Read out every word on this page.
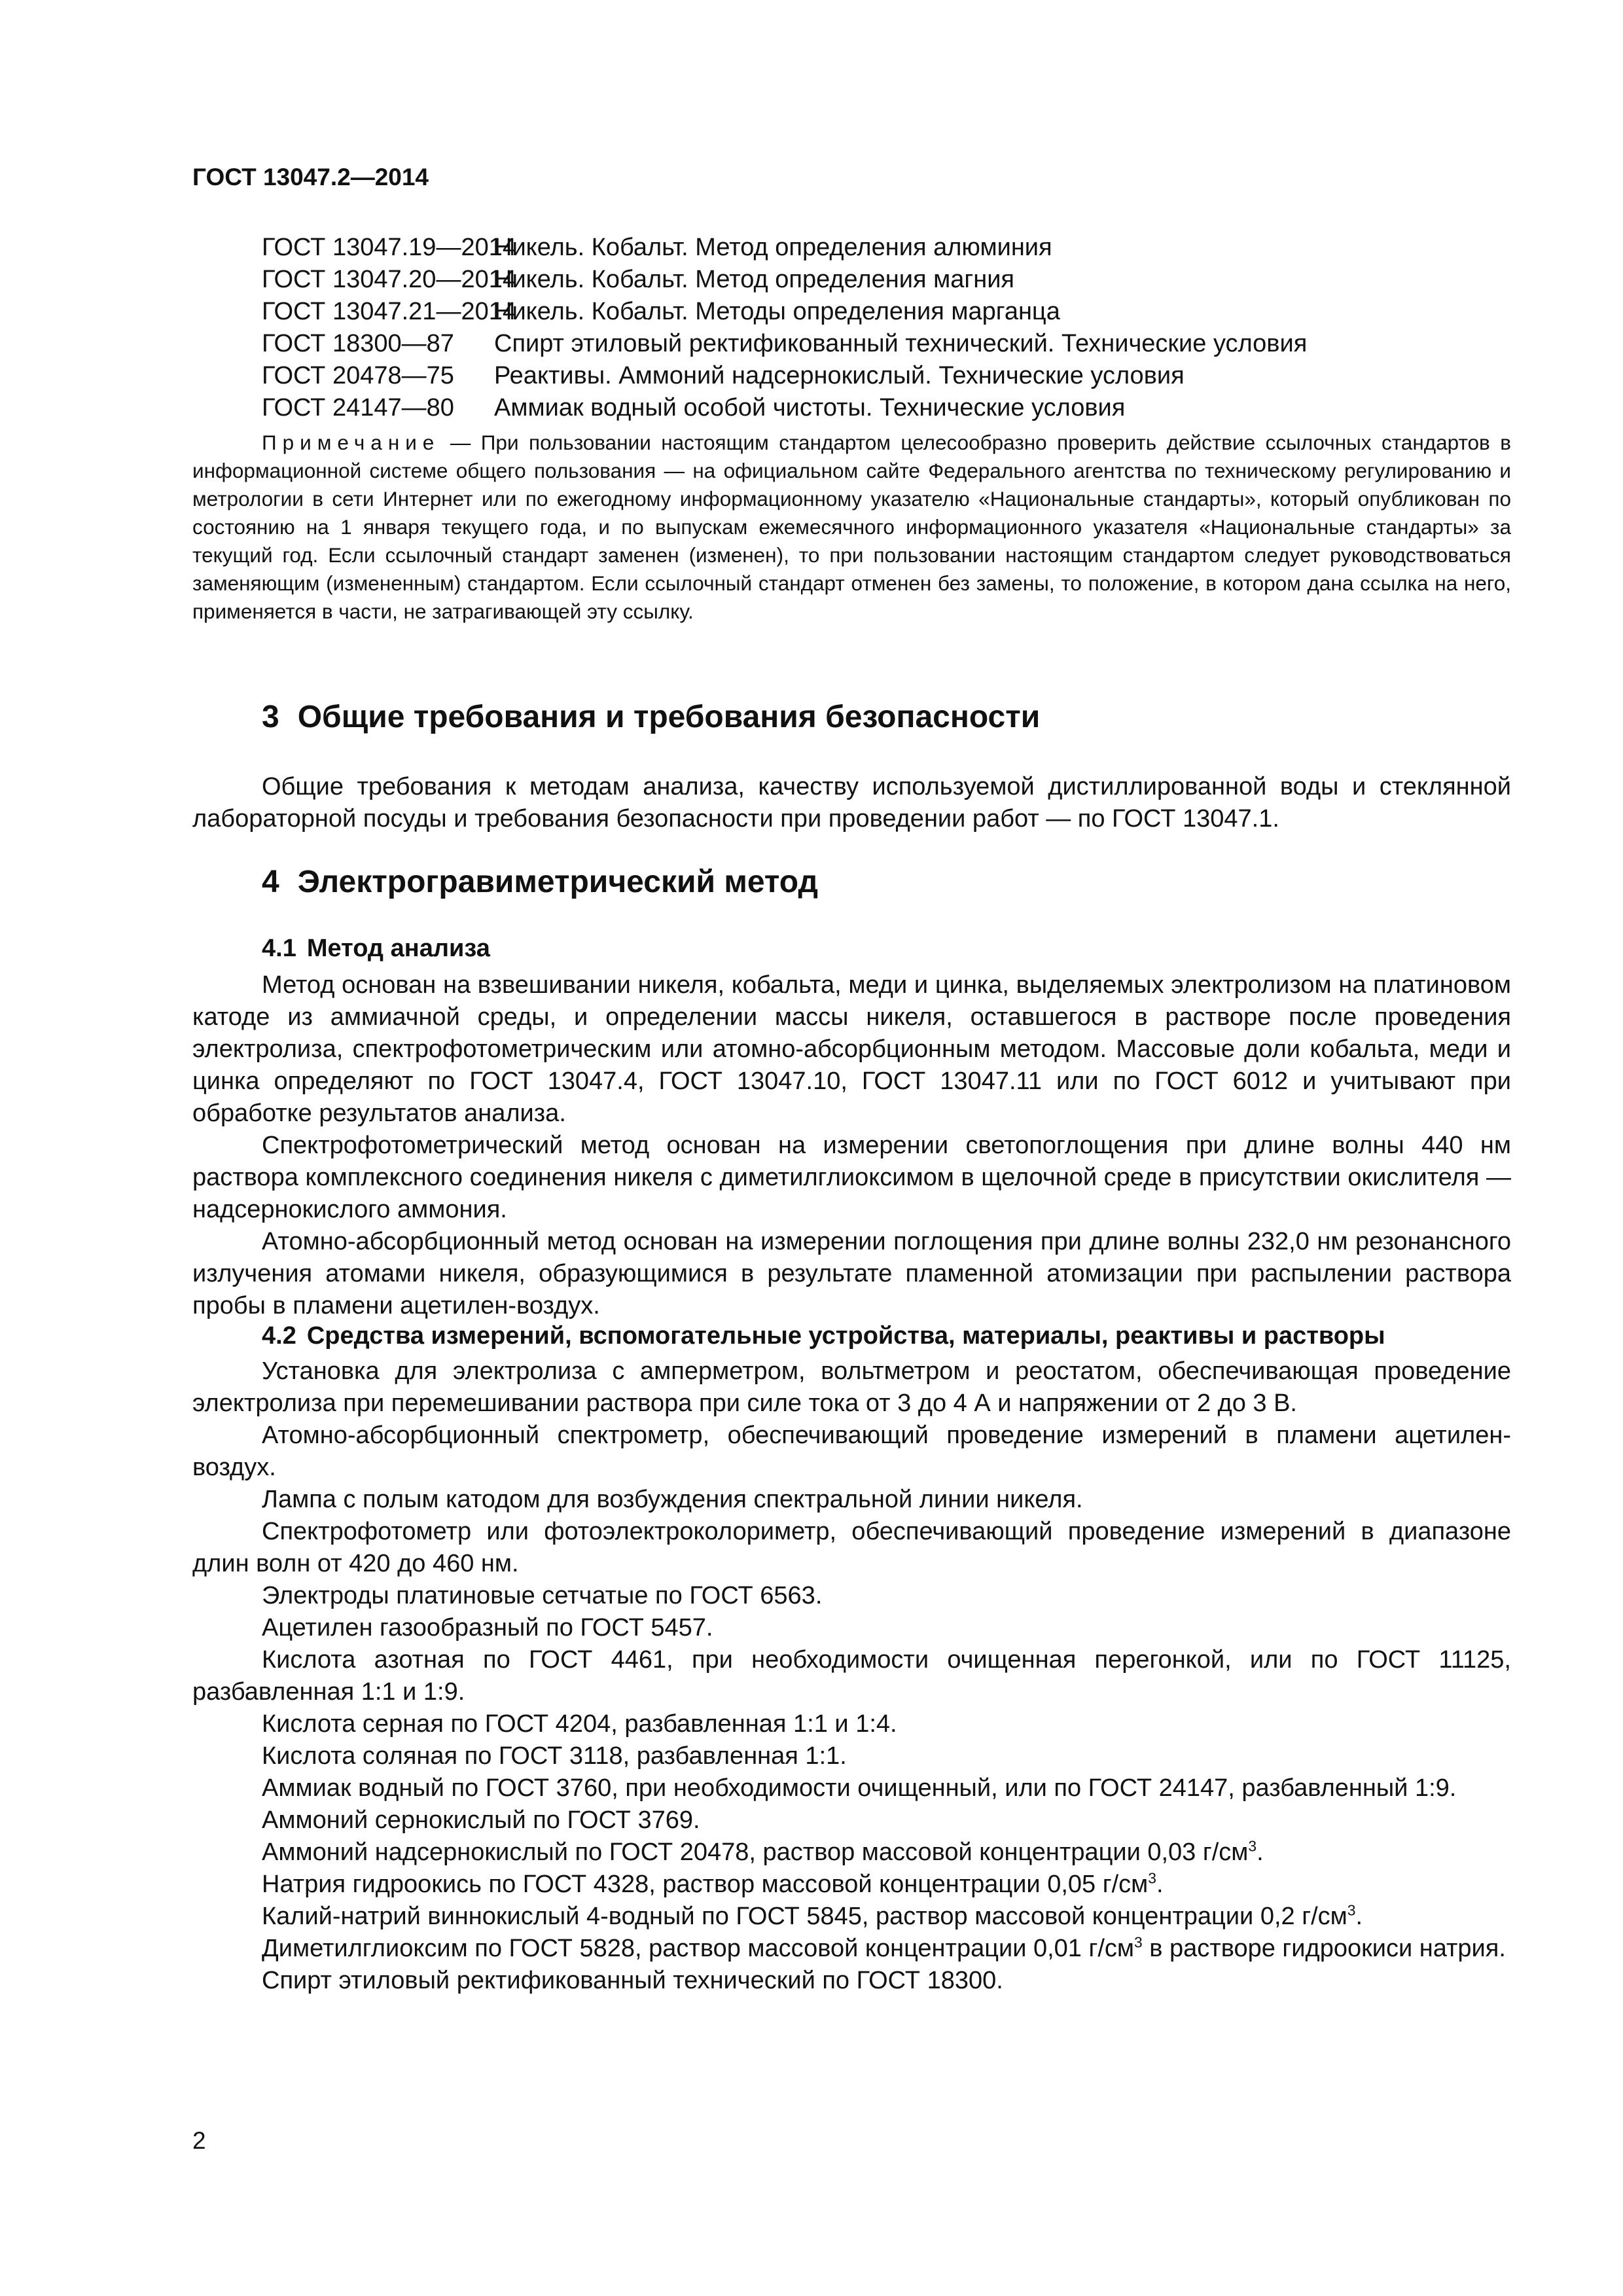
ГОСТ 13047.2—2014
ГОСТ 13047.19—2014Никель. Кобальт. Метод определения алюминия
ГОСТ 13047.20—2014Никель. Кобальт. Метод определения магния
ГОСТ 13047.21—2014Никель. Кобальт. Методы определения марганца
ГОСТ 18300—87 Спирт этиловый ректификованный технический. Технические условия
ГОСТ 20478—75 Реактивы. Аммоний надсернокислый. Технические условия
ГОСТ 24147—80 Аммиак водный особой чистоты. Технические условия
Примечание — При пользовании настоящим стандартом целесообразно проверить действие ссылочных стандартов в информационной системе общего пользования — на официальном сайте Федерального агентства по техническому регулированию и метрологии в сети Интернет или по ежегодному информационному указателю «Национальные стандарты», который опубликован по состоянию на 1 января текущего года, и по выпускам ежемесячного информационного указателя «Национальные стандарты» за текущий год. Если ссылочный стандарт заменен (изменен), то при пользовании настоящим стандартом следует руководствоваться заменяющим (измененным) стандартом. Если ссылочный стандарт отменен без замены, то положение, в котором дана ссылка на него, применяется в части, не затрагивающей эту ссылку.
3 Общие требования и требования безопасности

Общие требования к методам анализа, качеству используемой дистиллированной воды и стеклянной лабораторной посуды и требования безопасности при проведении работ — по ГОСТ 13047.1.

4 Электрогравиметрический метод
4.1 Метод анализа

Метод основан на взвешивании никеля, кобальта, меди и цинка, выделяемых электролизом на платиновом катоде из аммиачной среды, и определении массы никеля, оставшегося в растворе после проведения электролиза, спектрофотометрическим или атомно-абсорбционным методом. Массовые доли кобальта, меди и цинка определяют по ГОСТ 13047.4, ГОСТ 13047.10, ГОСТ 13047.11 или по ГОСТ 6012 и учитывают при обработке результатов анализа.

Спектрофотометрический метод основан на измерении светопоглощения при длине волны 440 нм раствора комплексного соединения никеля с диметилглиоксимом в щелочной среде в присутствии окислителя — надсернокислого аммония.

Атомно-абсорбционный метод основан на измерении поглощения при длине волны 232,0 нм резонансного излучения атомами никеля, образующимися в результате пламенной атомизации при распылении раствора пробы в пламени ацетилен-воздух.

4.2 Средства измерений, вспомогательные устройства, материалы, реактивы и растворы

Установка для электролиза с амперметром, вольтметром и реостатом, обеспечивающая проведение электролиза при перемешивании раствора при силе тока от 3 до 4 А и напряжении от 2 до 3 В.

Атомно-абсорбционный спектрометр, обеспечивающий проведение измерений в пламени ацетилен-воздух.

Лампа с полым катодом для возбуждения спектральной линии никеля.

Спектрофотометр или фотоэлектроколориметр, обеспечивающий проведение измерений в диапазоне длин волн от 420 до 460 нм.

Электроды платиновые сетчатые по ГОСТ 6563.

Ацетилен газообразный по ГОСТ 5457.

Кислота азотная по ГОСТ 4461, при необходимости очищенная перегонкой, или по ГОСТ 11125, разбавленная 1:1 и 1:9.

Кислота серная по ГОСТ 4204, разбавленная 1:1 и 1:4.

Кислота соляная по ГОСТ 3118, разбавленная 1:1.

Аммиак водный по ГОСТ 3760, при необходимости очищенный, или по ГОСТ 24147, разбавленный 1:9.

Аммоний сернокислый по ГОСТ 3769.

Аммоний надсернокислый по ГОСТ 20478, раствор массовой концентрации 0,03 $г/см^3$.

Натрия гидроокись по ГОСТ 4328, раствор массовой концентрации 0,05 $г/см^3$.

Калий-натрий виннокислый 4-водный по ГОСТ 5845, раствор массовой концентрации 0,2 $г/см^3$.

Диметилглиоксим по ГОСТ 5828, раствор массовой концентрации 0,01 $г/см^3$ в растворе гидроокиси натрия.

Спирт этиловый ректификованный технический по ГОСТ 18300.

2
